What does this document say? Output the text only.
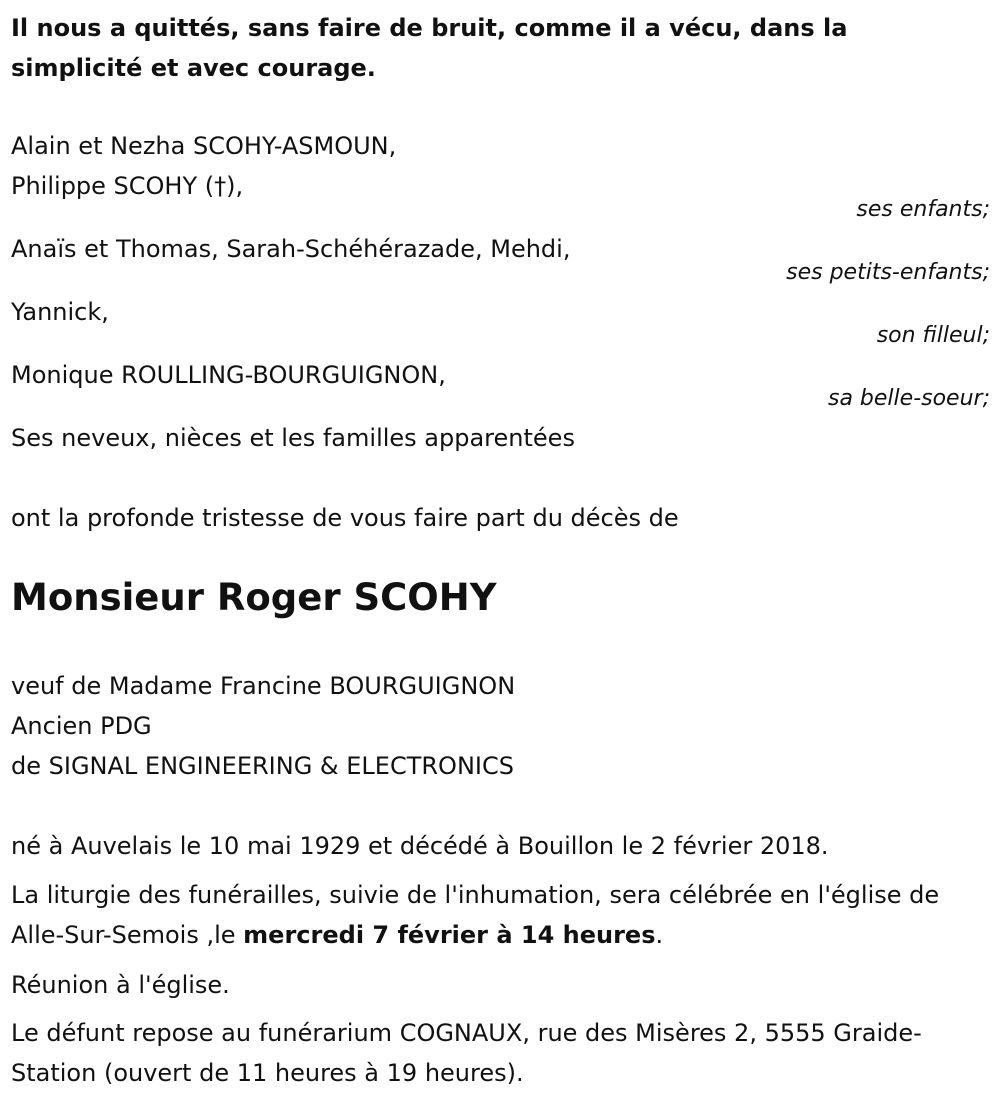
Il nous a quittés, sans faire de bruit, comme il a vécu, dans la simplicité et avec courage.

Alain et Nezha SCOHY-ASMOUN,

Philippe SCOHY (†),

ses enfants;

Anaïs et Thomas, Sarah-Schéhérazade, Mehdi,

ses petits-enfants;

Yannick,

son filleul;

Monique ROULLING-BOURGUIGNON,

sa belle-soeur;

Ses neveux, nièces et les familles apparentées

ont la profonde tristesse de vous faire part du décès de

Monsieur Roger SCOHY

veuf de Madame Francine BOURGUIGNON

Ancien PDG

de SIGNAL ENGINEERING & ELECTRONICS

né à Auvelais le 10 mai 1929 et décédé à Bouillon le 2 février 2018.

La liturgie des funérailles, suivie de l'inhumation, sera célébrée en l'église de Alle-Sur-Semois ,le mercredi 7 février à 14 heures.

Réunion à l'église.

Le défunt repose au funérarium COGNAUX, rue des Misères 2, 5555 Graide-Station (ouvert de 11 heures à 19 heures).
